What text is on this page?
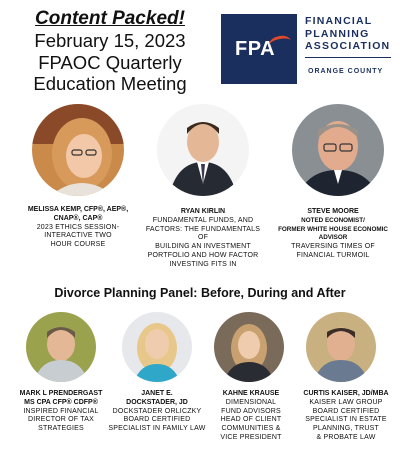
Content Packed!
February 15, 2023
FPAOC Quarterly
Education Meeting
FPA
FINANCIAL
PLANNING
ASSOCIATION
ORANGE COUNTY
MELISSA KEMP, CFP®, AEP®,
CNAP®, CAP®
2023 ETHICS SESSION-
INTERACTIVE TWO
HOUR COURSE
RYAN KIRLIN
FUNDAMENTAL FUNDS, AND
FACTORS: THE FUNDAMENTALS OF
BUILDING AN INVESTMENT
PORTFOLIO AND HOW FACTOR
INVESTING FITS IN
STEVE MOORE
NOTED ECONOMIST/
FORMER WHITE HOUSE ECONOMIC
ADVISOR
TRAVERSING TIMES OF
FINANCIAL TURMOIL
Divorce Planning Panel: Before, During and After
MARK L PRENDERGAST
MS CPA CFP® CDFP®
INSPIRED FINANCIAL
DIRECTOR OF TAX
STRATEGIES
JANET E.
DOCKSTADER, JD
DOCKSTADER ORLICZKY
BOARD CERTIFIED
SPECIALIST IN FAMILY LAW
KAHNE KRAUSE
DIMENSIONAL
FUND ADVISORS
HEAD OF CLIENT
COMMUNITIES &
VICE PRESIDENT
CURTIS KAISER, JD/MBA
KAISER LAW GROUP
BOARD CERTIFIED
SPECIALIST IN ESTATE
PLANNING, TRUST
& PROBATE LAW
